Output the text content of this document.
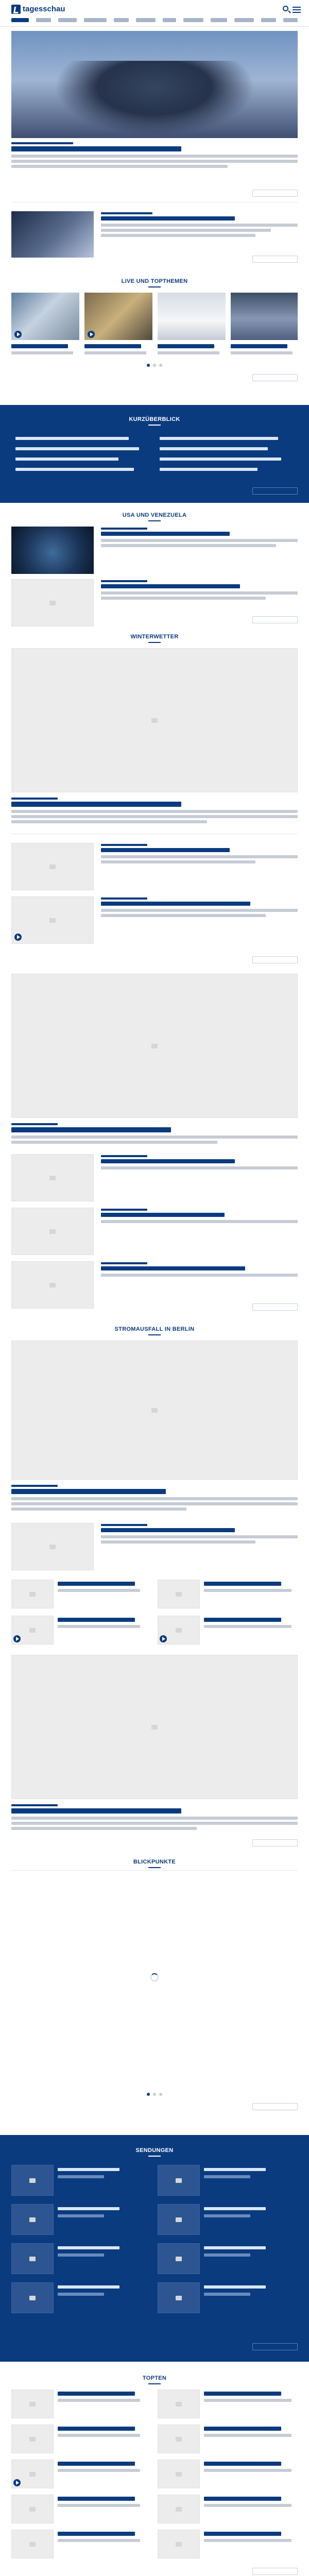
tagesschau
LIVE UND TOPTHEMEN
KURZÜBERBLICK
USA UND VENEZUELA
WINTERWETTER
STROMAUSFALL IN BERLIN
BLICKPUNKTE
SENDUNGEN
TOPTEN
